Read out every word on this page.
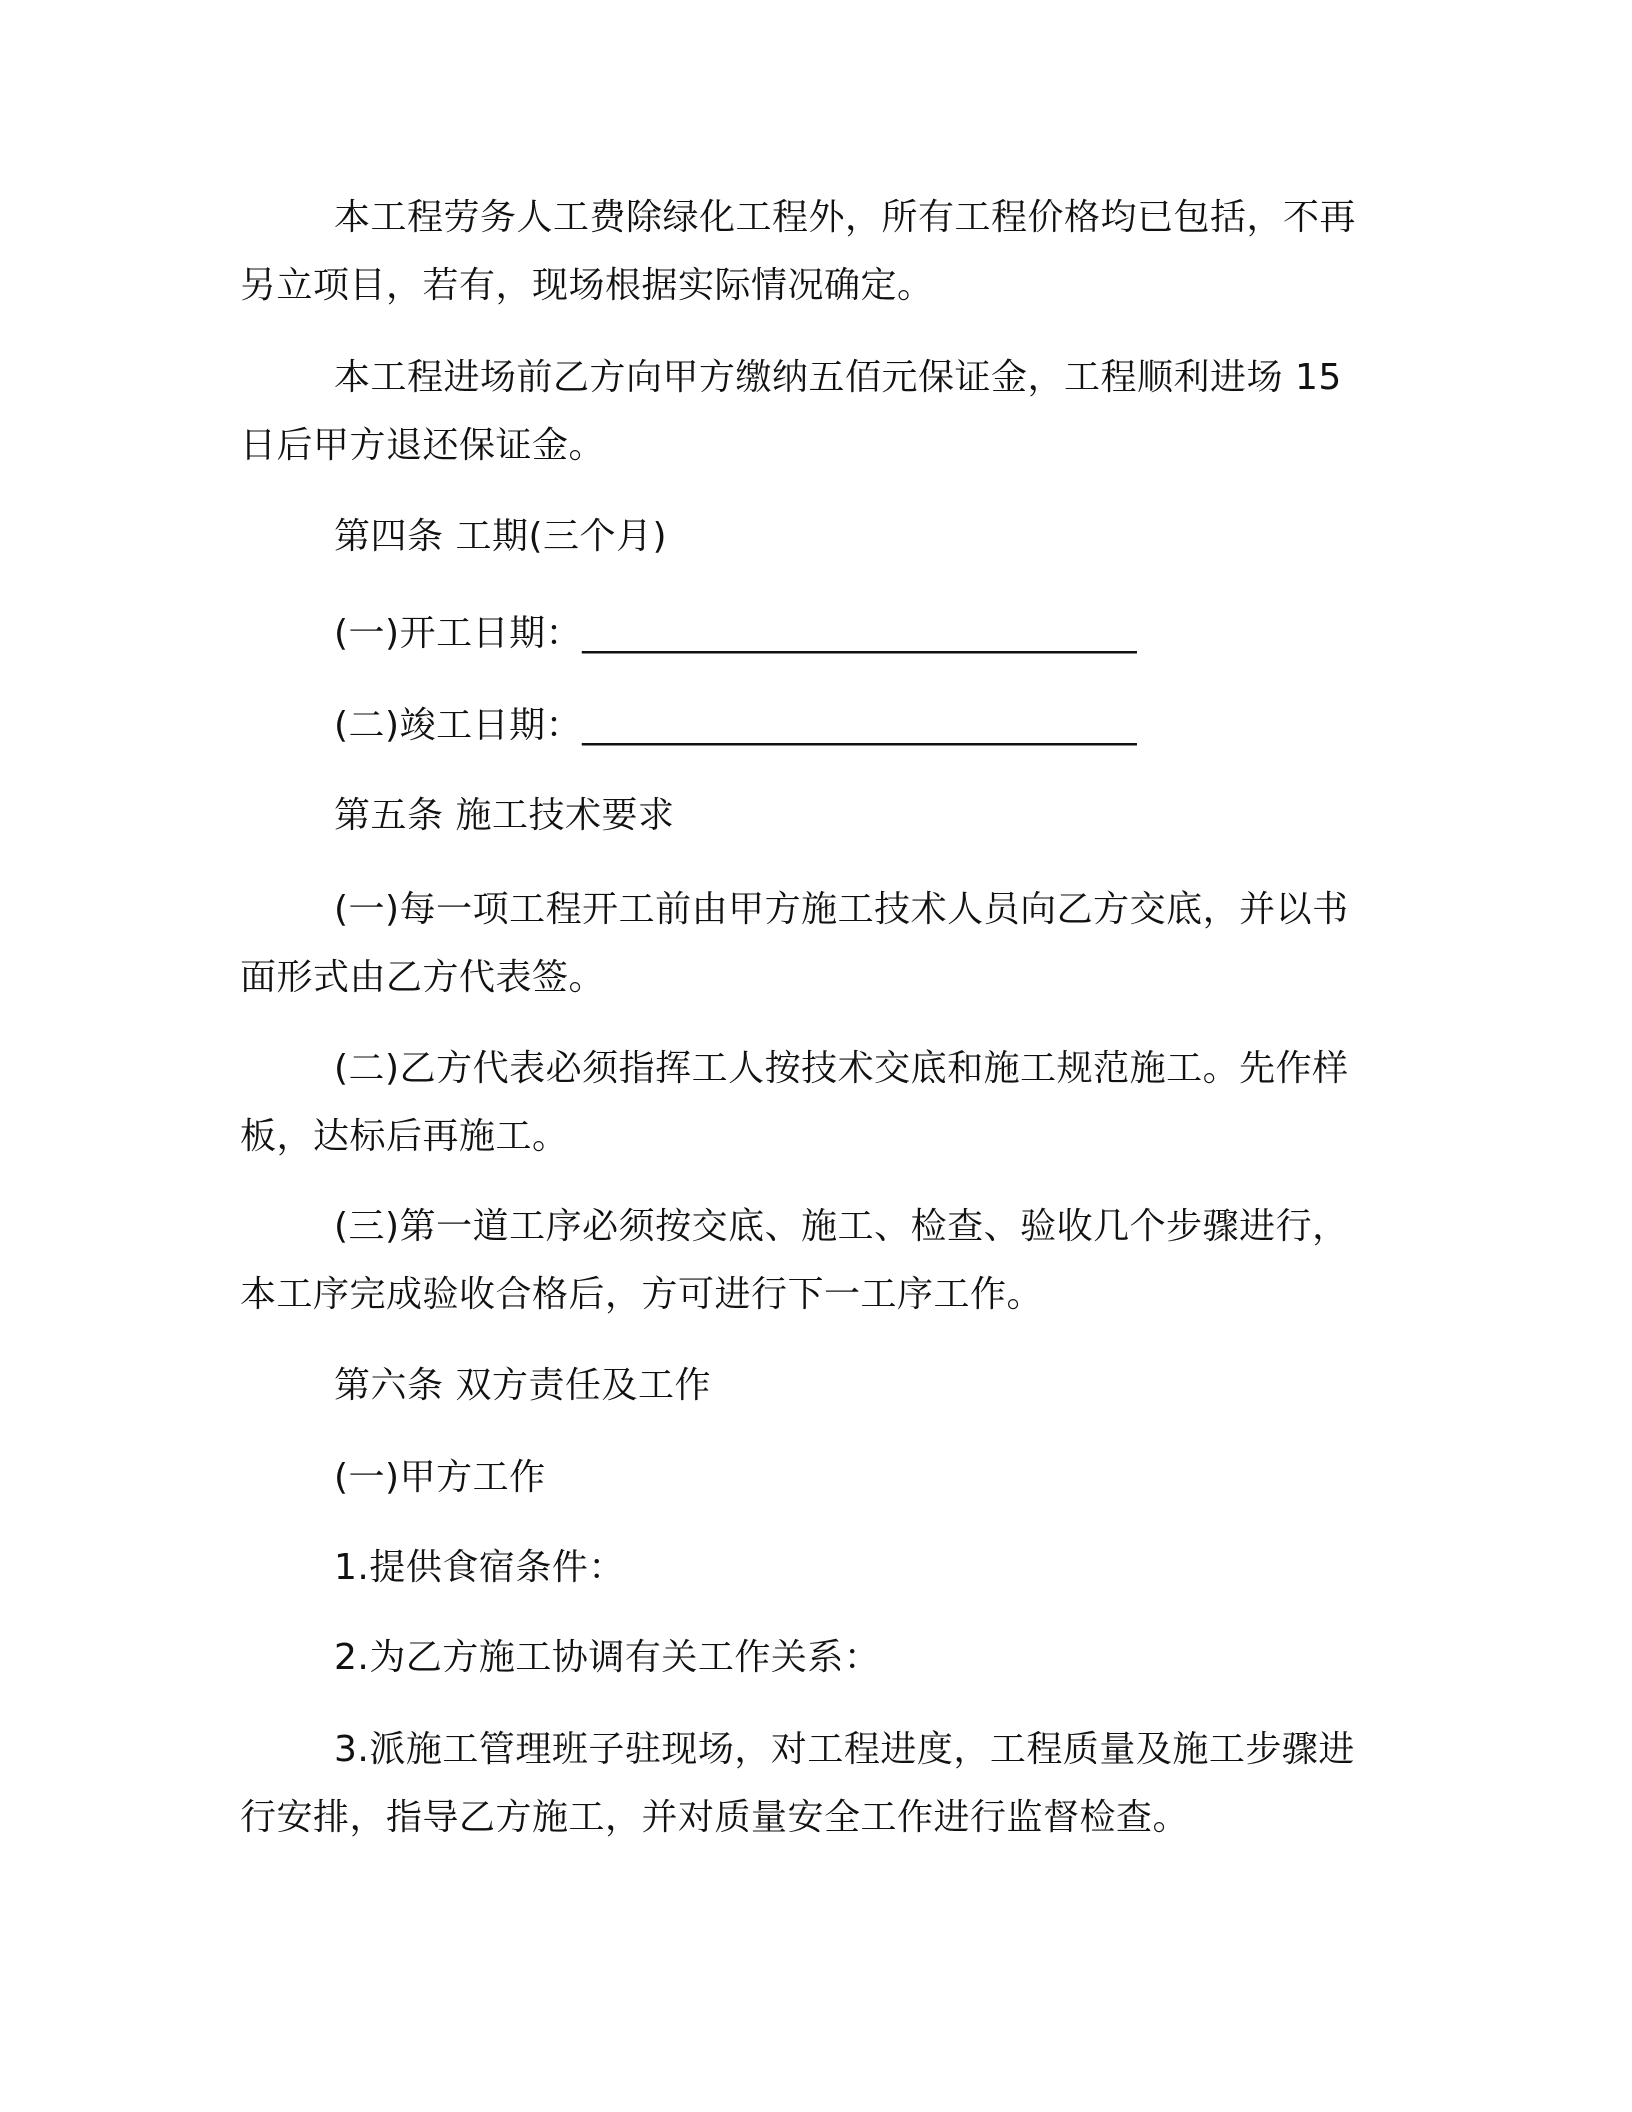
本工程劳务人工费除绿化工程外，所有工程价格均已包括，不再
另立项目，若有，现场根据实际情况确定。
本工程进场前乙方向甲方缴纳五佰元保证金，工程顺利进场 15
日后甲方退还保证金。
第四条 工期(三个月)
(一)开工日期：______________________________
(二)竣工日期：______________________________
第五条 施工技术要求
(一)每一项工程开工前由甲方施工技术人员向乙方交底，并以书
面形式由乙方代表签。
(二)乙方代表必须指挥工人按技术交底和施工规范施工。先作样
板，达标后再施工。
(三)第一道工序必须按交底、施工、检查、验收几个步骤进行，
本工序完成验收合格后，方可进行下一工序工作。
第六条 双方责任及工作
(一)甲方工作
1.提供食宿条件：
2.为乙方施工协调有关工作关系：
3.派施工管理班子驻现场，对工程进度，工程质量及施工步骤进
行安排，指导乙方施工，并对质量安全工作进行监督检查。
